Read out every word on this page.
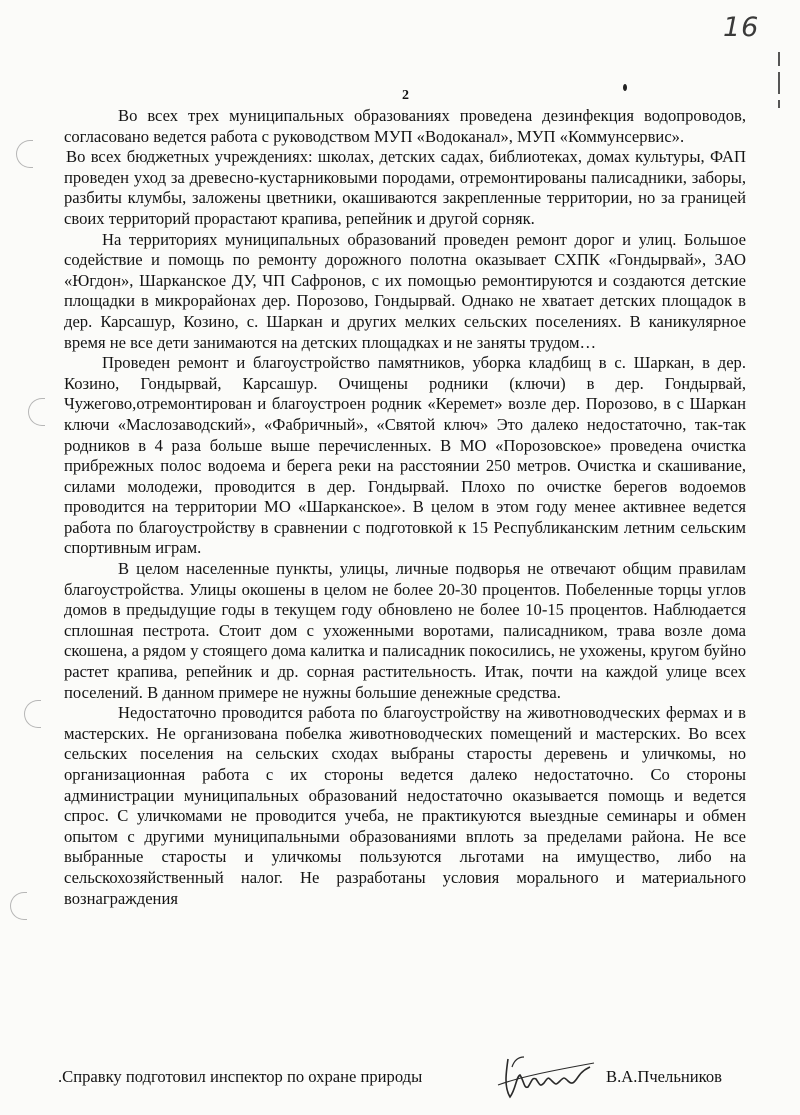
16
2

Во всех трех муниципальных образованиях проведена дезинфекция водопроводов, согласовано ведется работа с руководством МУП «Водоканал», МУП «Коммунсервис».

Во всех бюджетных учреждениях: школах, детских садах, библиотеках, домах культуры, ФАП проведен уход за древесно-кустарниковыми породами, отремонтированы палисадники, заборы, разбиты клумбы, заложены цветники, окашиваются закрепленные территории, но за границей своих территорий прорастают крапива, репейник и другой сорняк.

На территориях муниципальных образований проведен ремонт дорог и улиц. Большое содействие и помощь по ремонту дорожного полотна оказывает СХПК «Гондырвай», ЗАО «Югдон», Шарканское ДУ, ЧП Сафронов, с их помощью ремонтируются и создаются детские площадки в микрорайонах дер. Порозово, Гондырвай. Однако не хватает детских площадок в дер. Карсашур, Козино, с. Шаркан и других мелких сельских поселениях. В каникулярное время не все дети занимаются на детских площадках и не заняты трудом…

Проведен ремонт и благоустройство памятников, уборка кладбищ в с. Шаркан, в дер. Козино, Гондырвай, Карсашур. Очищены родники (ключи) в дер. Гондырвай, Чужегово,отремонтирован и благоустроен родник «Керемет» возле дер. Порозово, в с Шаркан ключи «Маслозаводский», «Фабричный», «Святой ключ» Это далеко недостаточно, так-так родников в 4 раза больше выше перечисленных. В МО «Порозовское» проведена очистка прибрежных полос водоема и берега реки на расстоянии 250 метров. Очистка и скашивание, силами молодежи, проводится в дер. Гондырвай. Плохо по очистке берегов водоемов проводится на территории МО «Шарканское». В целом в этом году менее активнее ведется работа по благоустройству в сравнении с подготовкой к 15 Республиканским летним сельским спортивным играм.

В целом населенные пункты, улицы, личные подворья не отвечают общим правилам благоустройства. Улицы окошены в целом не более 20-30 процентов. Побеленные торцы углов домов в предыдущие годы в текущем году обновлено не более 10-15 процентов. Наблюдается сплошная пестрота. Стоит дом с ухоженными воротами, палисадником, трава возле дома скошена, а рядом у стоящего дома калитка и палисадник покосились, не ухожены, кругом буйно растет крапива, репейник и др. сорная растительность. Итак, почти на каждой улице всех поселений. В данном примере не нужны большие денежные средства.

Недостаточно проводится работа по благоустройству на животноводческих фермах и в мастерских. Не организована побелка животноводческих помещений и мастерских. Во всех сельских поселения на сельских сходах выбраны старосты деревень и уличкомы, но организационная работа с их стороны ведется далеко недостаточно. Со стороны администрации муниципальных образований недостаточно оказывается помощь и ведется спрос. С уличкомами не проводится учеба, не практикуются выездные семинары и обмен опытом с другими муниципальными образованиями вплоть за пределами района. Не все выбранные старосты и уличкомы пользуются льготами на имущество, либо на сельскохозяйственный налог. Не разработаны условия морального и материального вознаграждения

.Справку подготовил инспектор по охране природы	В.А.Пчельников
